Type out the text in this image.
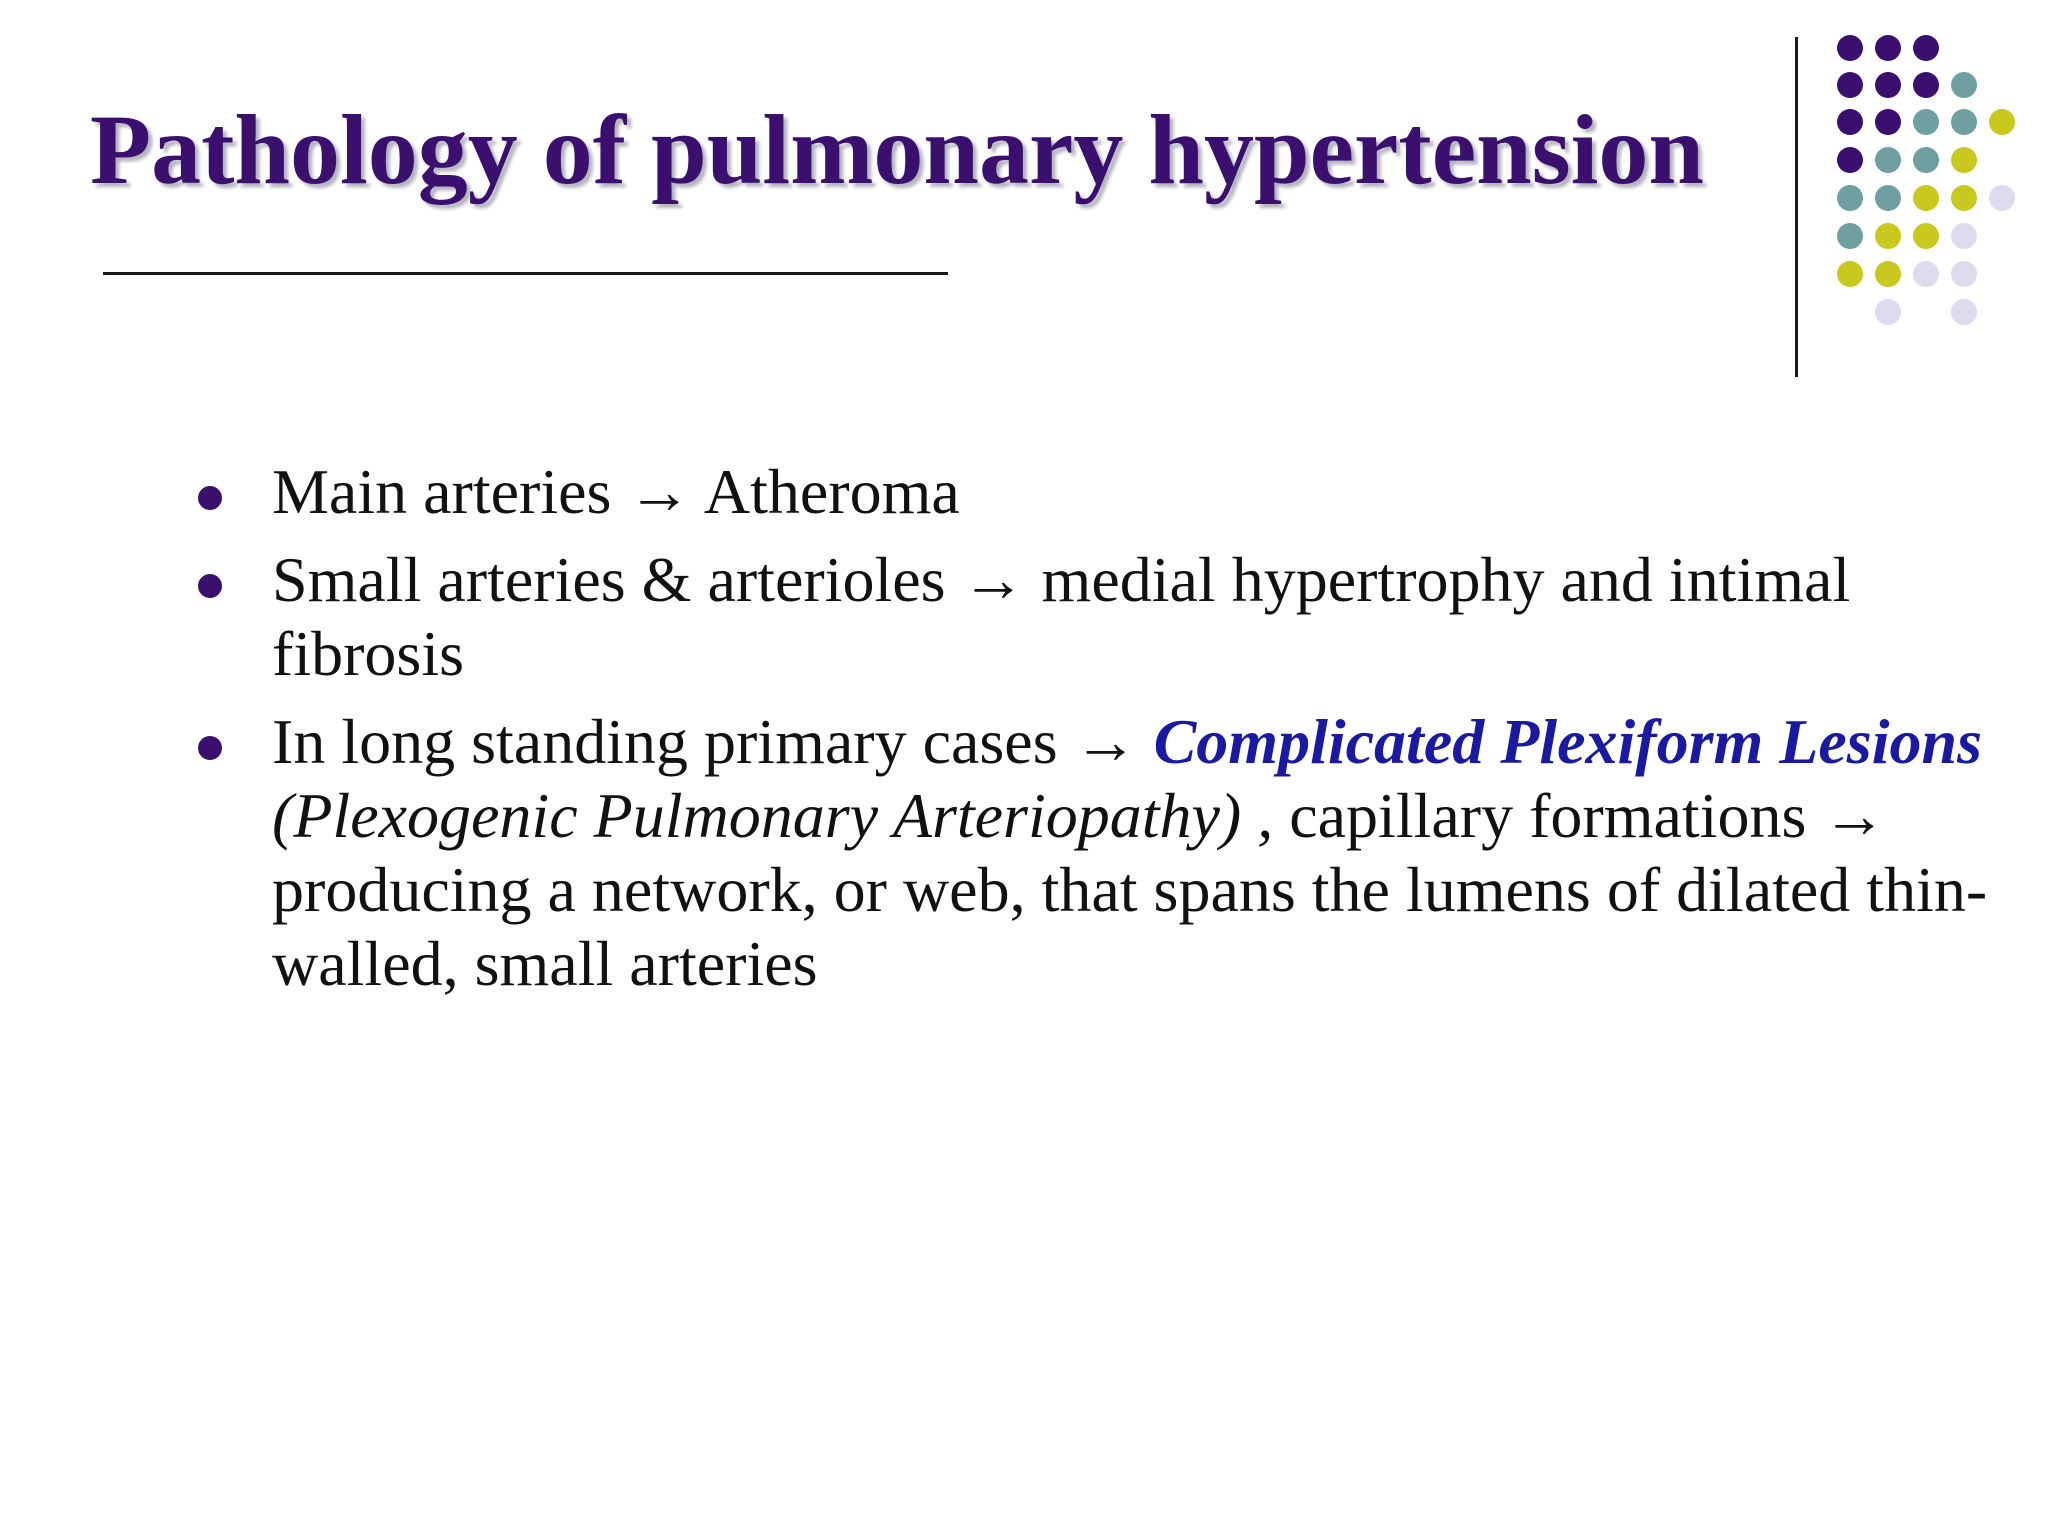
Pathology of pulmonary hypertension
Main arteries → Atheroma
Small arteries & arterioles → medial hypertrophy and intimal fibrosis
In long standing primary cases → Complicated Plexiform Lesions (Plexogenic Pulmonary Arteriopathy) , capillary formations → producing a network, or web, that spans the lumens of dilated thin-walled, small arteries
